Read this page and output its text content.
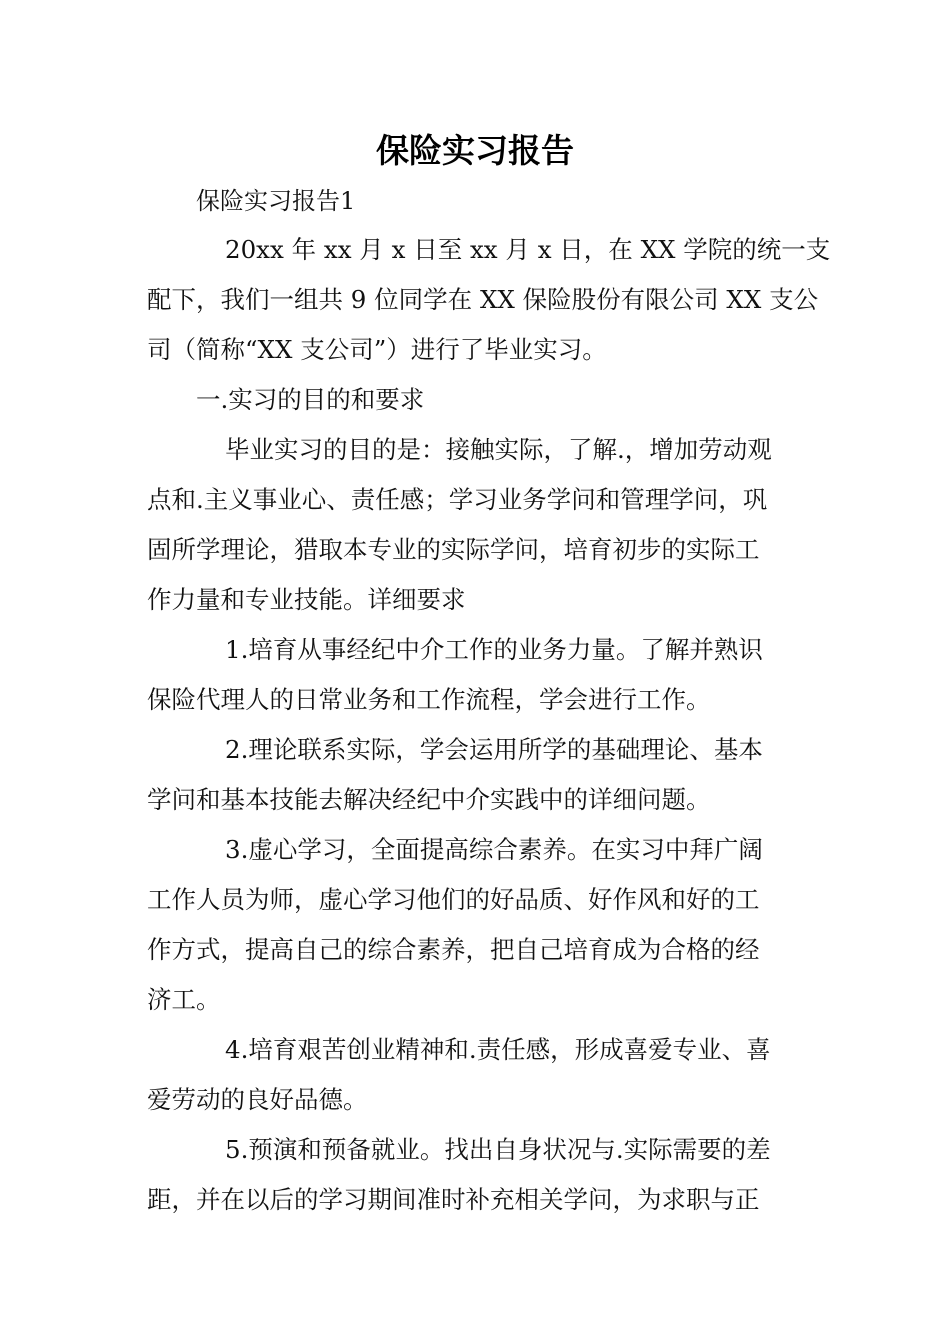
保险实习报告

保险实习报告1

20xx 年 xx 月 x 日至 xx 月 x 日，在 XX 学院的统一支
配下，我们一组共 9 位同学在 XX 保险股份有限公司 XX 支公
司（简称“XX 支公司”）进行了毕业实习。
一.实习的目的和要求
毕业实习的目的是：接触实际，了解.，增加劳动观
点和.主义事业心、责任感；学习业务学问和管理学问，巩
固所学理论，猎取本专业的实际学问，培育初步的实际工
作力量和专业技能。详细要求
1.培育从事经纪中介工作的业务力量。了解并熟识
保险代理人的日常业务和工作流程，学会进行工作。
2.理论联系实际，学会运用所学的基础理论、基本
学问和基本技能去解决经纪中介实践中的详细问题。
3.虚心学习，全面提高综合素养。在实习中拜广阔
工作人员为师，虚心学习他们的好品质、好作风和好的工
作方式，提高自己的综合素养，把自己培育成为合格的经
济工。
4.培育艰苦创业精神和.责任感，形成喜爱专业、喜
爱劳动的良好品德。
5.预演和预备就业。找出自身状况与.实际需要的差
距，并在以后的学习期间准时补充相关学问，为求职与正
